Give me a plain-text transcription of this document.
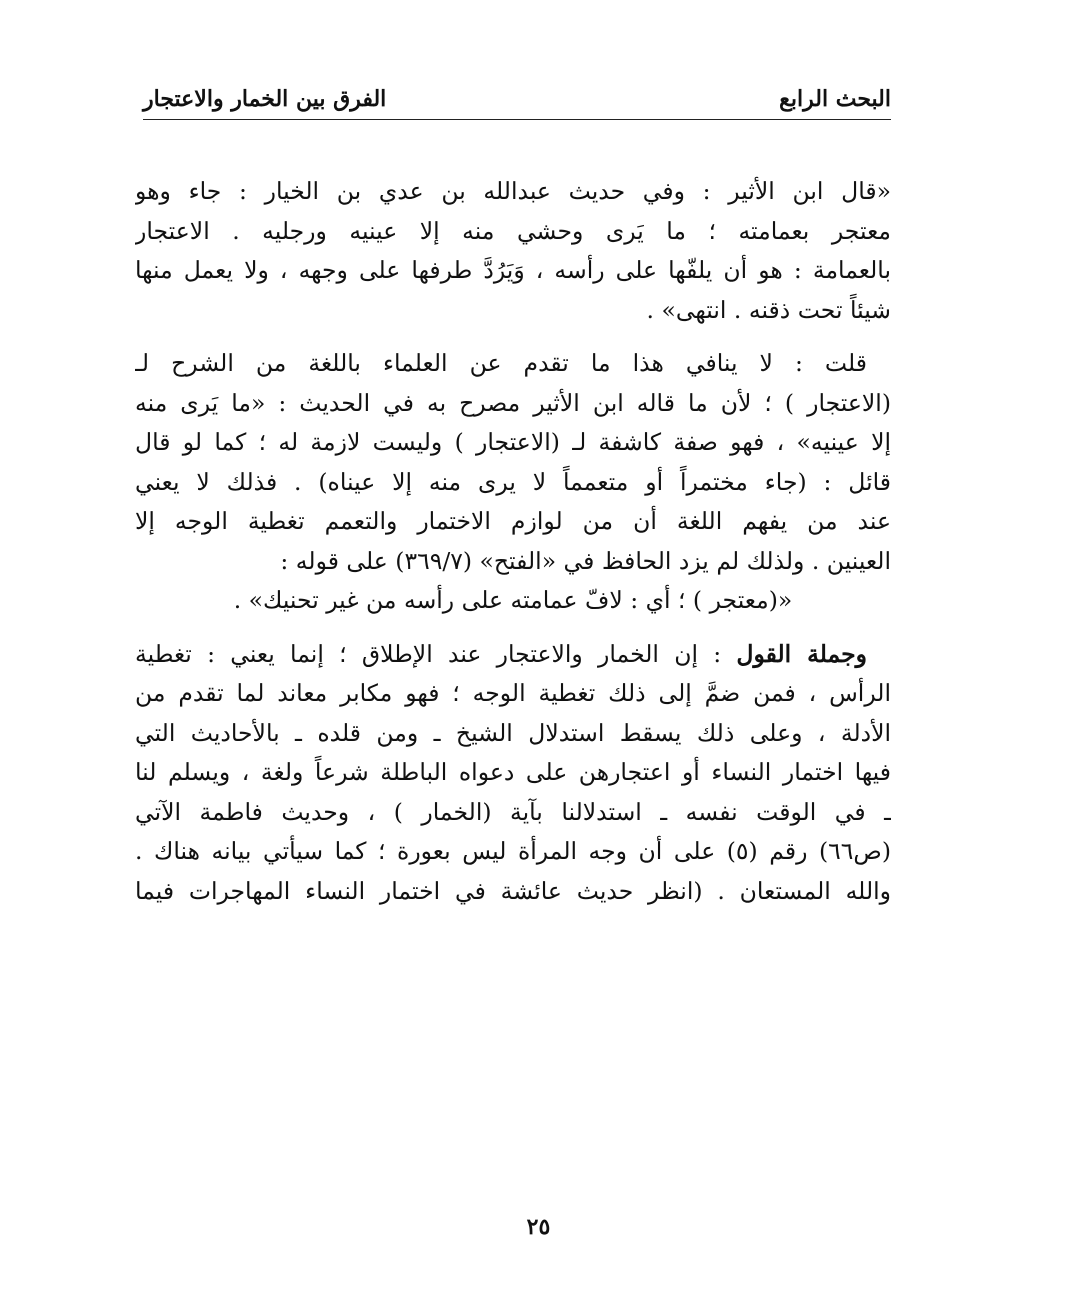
البحث الرابع
الفرق بين الخمار والاعتجار
«قال ابن الأثير : وفي حديث عبدالله بن عدي بن الخيار : جاء وهو
معتجر بعمامته ؛ ما يَرى وحشي منه إلا عينيه ورجليه . الاعتجار
بالعمامة : هو أن يلفّها على رأسه ، وَيَرُدَّ طرفها على وجهه ، ولا يعمل منها
شيئاً تحت ذقنه . انتهى» .
قلت : لا ينافي هذا ما تقدم عن العلماء باللغة من الشرح لـ
(الاعتجار ) ؛ لأن ما قاله ابن الأثير مصرح به في الحديث : «ما يَرى منه
إلا عينيه» ، فهو صفة كاشفة لـ (الاعتجار ) وليست لازمة له ؛ كما لو قال
قائل : (جاء مختمراً أو متعمماً لا يرى منه إلا عيناه) . فذلك لا يعني
عند من يفهم اللغة أن من لوازم الاختمار والتعمم تغطية الوجه إلا
العينين . ولذلك لم يزد الحافظ في «الفتح» (٣٦٩/٧) على قوله :
«(معتجر ) ؛ أي : لافّ عمامته على رأسه من غير تحنيك» .
وجملة القول : إن الخمار والاعتجار عند الإطلاق ؛ إنما يعني : تغطية
الرأس ، فمن ضمَّ إلى ذلك تغطية الوجه ؛ فهو مكابر معاند لما تقدم من
الأدلة ، وعلى ذلك يسقط استدلال الشيخ ـ ومن قلده ـ بالأحاديث التي
فيها اختمار النساء أو اعتجارهن على دعواه الباطلة شرعاً ولغة ، ويسلم لنا
ـ في الوقت نفسه ـ استدلالنا بآية (الخمار ) ، وحديث فاطمة الآتي
(ص٦٦) رقم (٥) على أن وجه المرأة ليس بعورة ؛ كما سيأتي بيانه هناك .
والله المستعان . (انظر حديث عائشة في اختمار النساء المهاجرات فيما
٢٥
